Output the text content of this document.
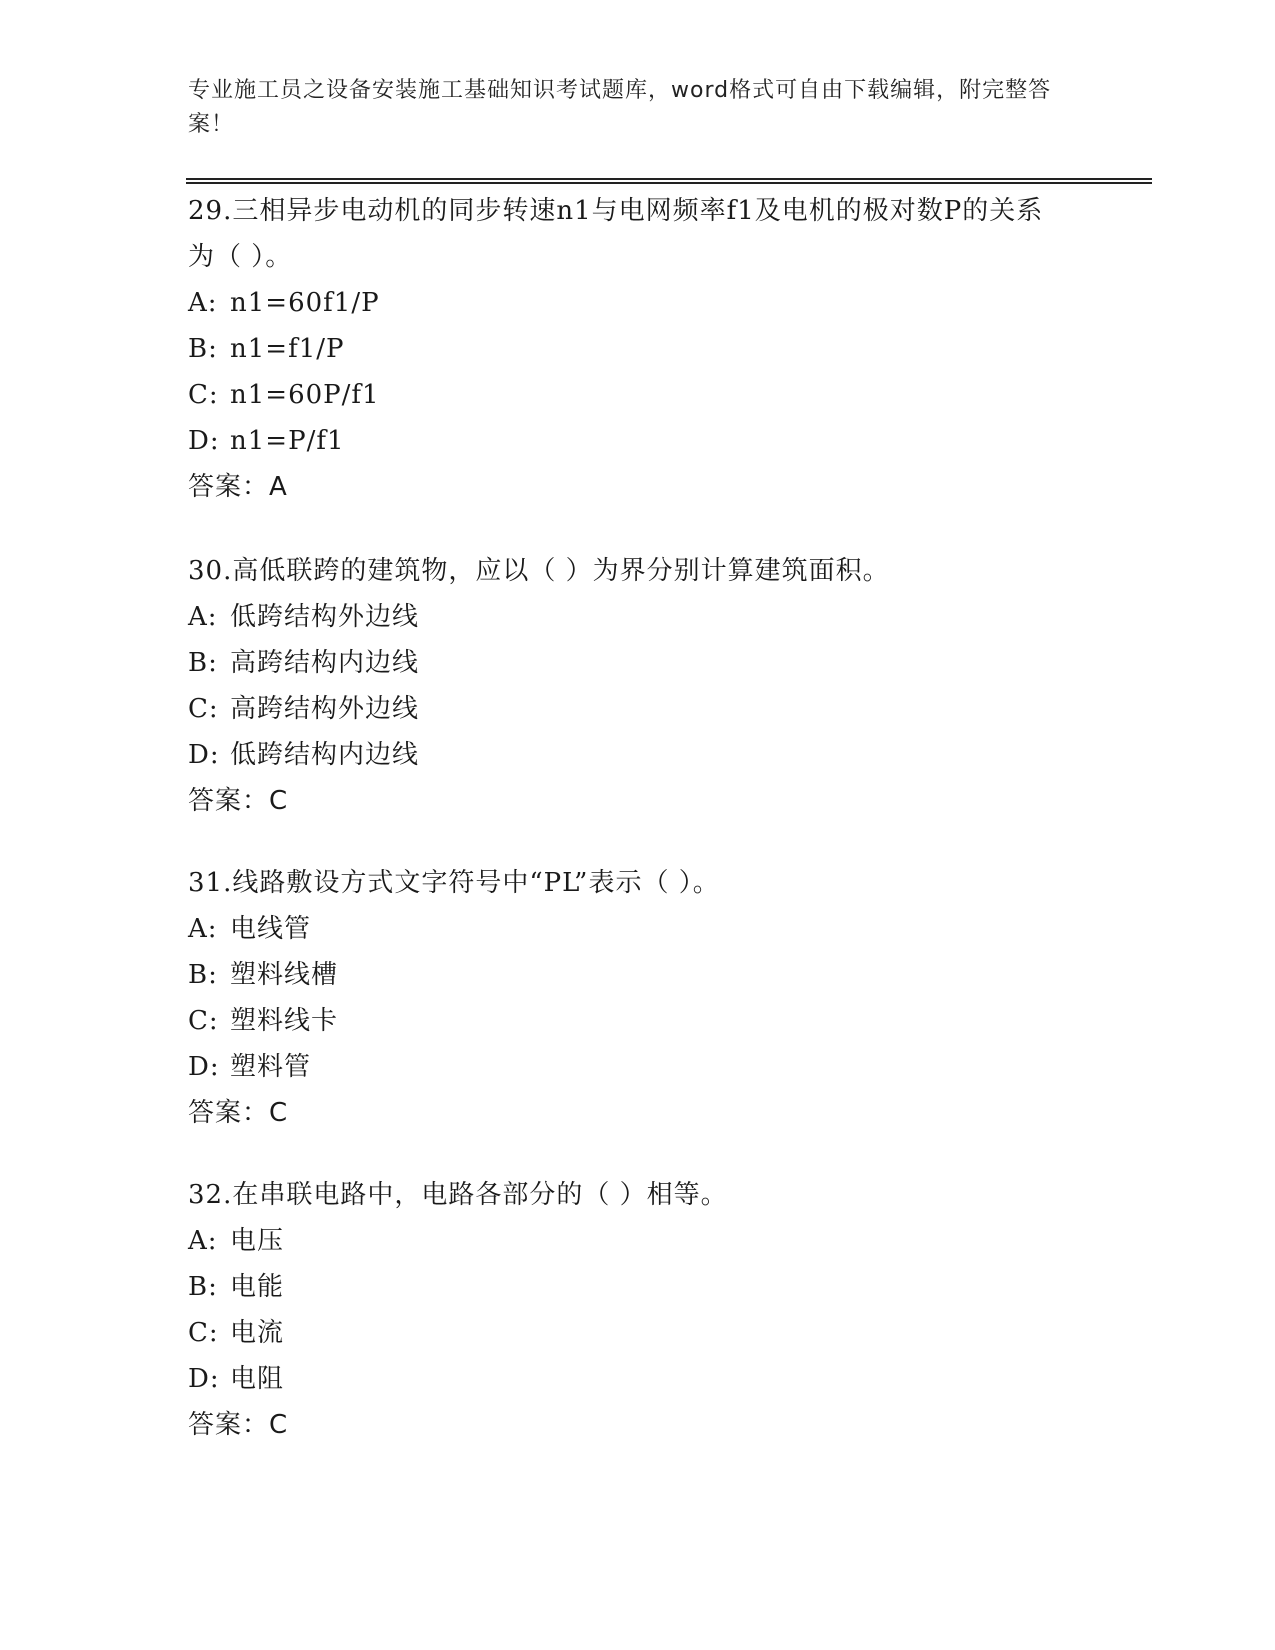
专业施工员之设备安装施工基础知识考试题库，word格式可自由下载编辑，附完整答案！
29.三相异步电动机的同步转速n1与电网频率f1及电机的极对数P的关系为（ ）。
A: n1=60f1/P
B: n1=f1/P
C: n1=60P/f1
D: n1=P/f1
答案：A
30.高低联跨的建筑物，应以（ ）为界分别计算建筑面积。
A: 低跨结构外边线
B: 高跨结构内边线
C: 高跨结构外边线
D: 低跨结构内边线
答案：C
31.线路敷设方式文字符号中“PL”表示（ ）。
A: 电线管
B: 塑料线槽
C: 塑料线卡
D: 塑料管
答案：C
32.在串联电路中，电路各部分的（ ）相等。
A: 电压
B: 电能
C: 电流
D: 电阻
答案：C
